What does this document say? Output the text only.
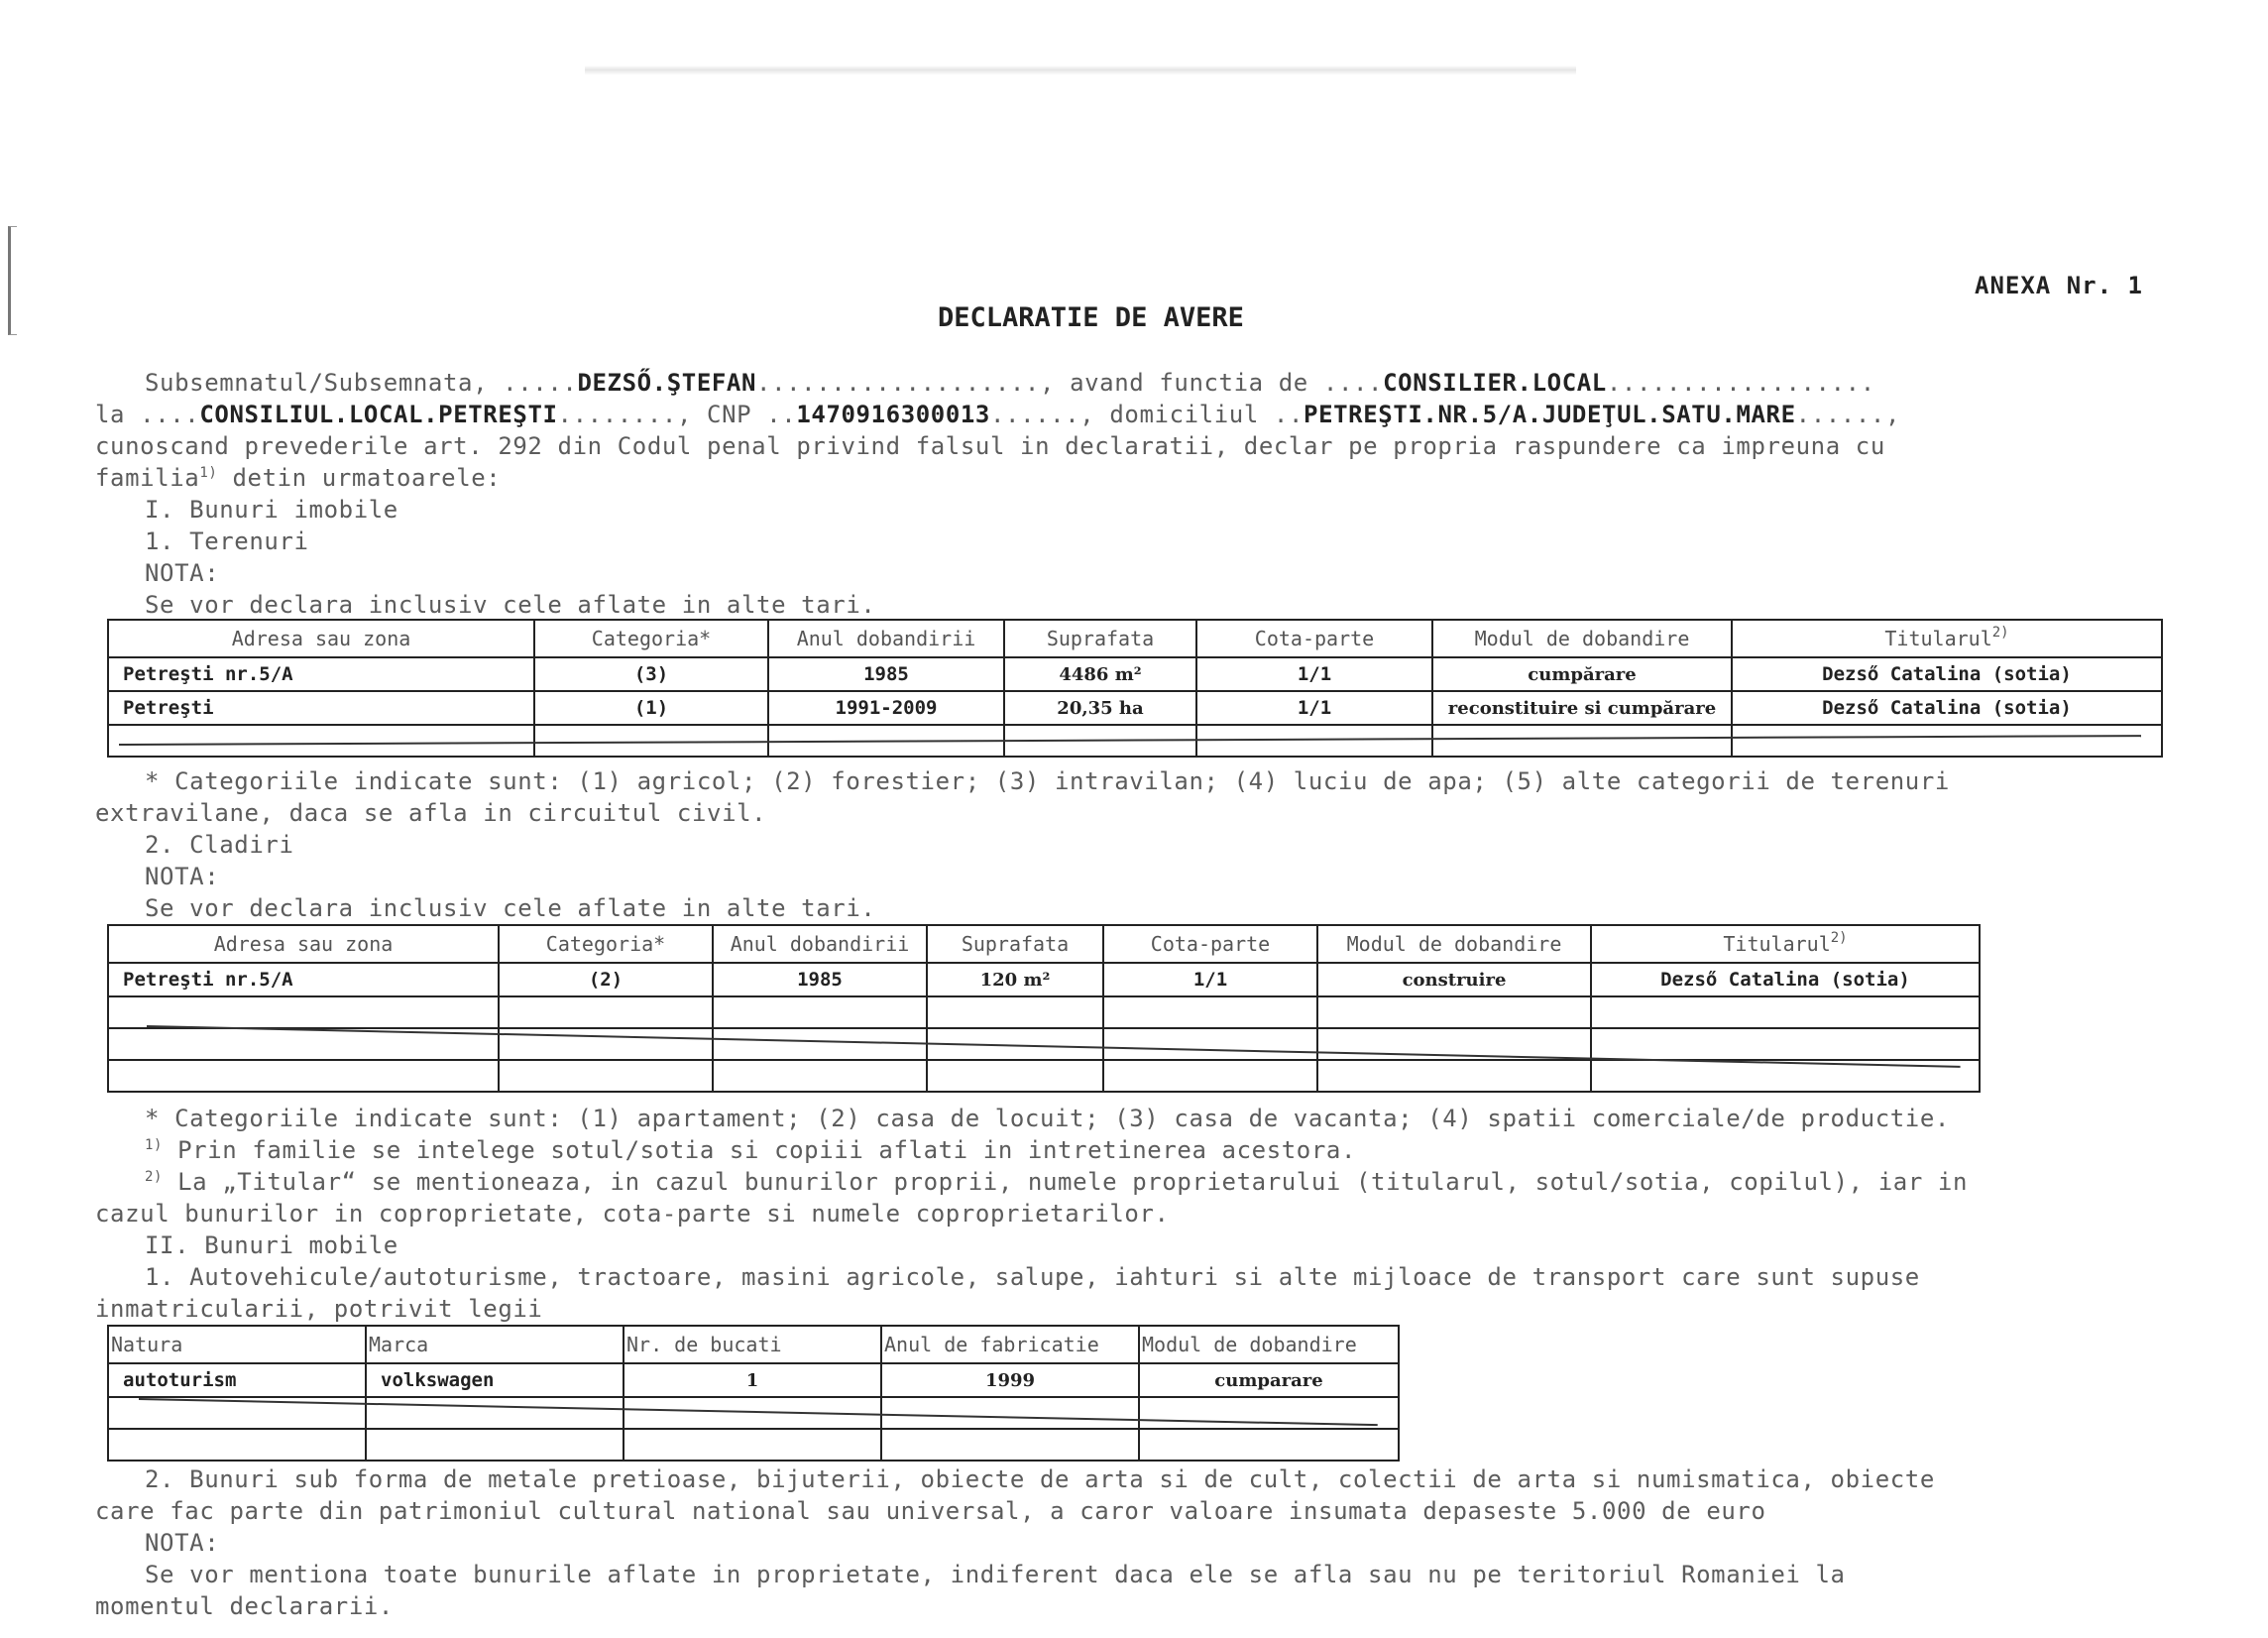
ANEXA Nr. 1
DECLARATIE DE AVERE
Subsemnatul/Subsemnata, .....DEZSŐ.ŞTEFAN..................., avand functia de ....CONSILIER.LOCAL..................
la ....CONSILIUL.LOCAL.PETREŞTI........, CNP ..1470916300013......, domiciliul ..PETREŞTI.NR.5/A.JUDEŢUL.SATU.MARE......,
cunoscand prevederile art. 292 din Codul penal privind falsul in declaratii, declar pe propria raspundere ca impreuna cu
familia$^{1)}$ detin urmatoarele:
I. Bunuri imobile
1. Terenuri
NOTA:
Se vor declara inclusiv cele aflate in alte tari.
Adresa sau zona	Categoria*	Anul dobandirii	Suprafata	Cota-parte	Modul de dobandire	Titularul$^{2)}$
Petreşti nr.5/A	(3)	1985	4486 m²	1/1	cumpărare	Dezső Catalina (sotia)
Petreşti	(1)	1991-2009	20,35 ha	1/1	reconstituire si cumpărare	Dezső Catalina (sotia)

* Categoriile indicate sunt: (1) agricol; (2) forestier; (3) intravilan; (4) luciu de apa; (5) alte categorii de terenuri
extravilane, daca se afla in circuitul civil.
2. Cladiri
NOTA:
Se vor declara inclusiv cele aflate in alte tari.
Adresa sau zona	Categoria*	Anul dobandirii	Suprafata	Cota-parte	Modul de dobandire	Titularul$^{2)}$
Petreşti nr.5/A	(2)	1985	120 m²	1/1	construire	Dezső Catalina (sotia)

* Categoriile indicate sunt: (1) apartament; (2) casa de locuit; (3) casa de vacanta; (4) spatii comerciale/de productie.
$^{1)}$ Prin familie se intelege sotul/sotia si copiii aflati in intretinerea acestora.
$^{2)}$ La „Titular“ se mentioneaza, in cazul bunurilor proprii, numele proprietarului (titularul, sotul/sotia, copilul), iar in
cazul bunurilor in coproprietate, cota-parte si numele coproprietarilor.
II. Bunuri mobile
1. Autovehicule/autoturisme, tractoare, masini agricole, salupe, iahturi si alte mijloace de transport care sunt supuse
inmatricularii, potrivit legii
Natura	Marca	Nr. de bucati	Anul de fabricatie	Modul de dobandire
autoturism	volkswagen	1	1999	cumparare

2. Bunuri sub forma de metale pretioase, bijuterii, obiecte de arta si de cult, colectii de arta si numismatica, obiecte
care fac parte din patrimoniul cultural national sau universal, a caror valoare insumata depaseste 5.000 de euro
NOTA:
Se vor mentiona toate bunurile aflate in proprietate, indiferent daca ele se afla sau nu pe teritoriul Romaniei la
momentul declararii.
